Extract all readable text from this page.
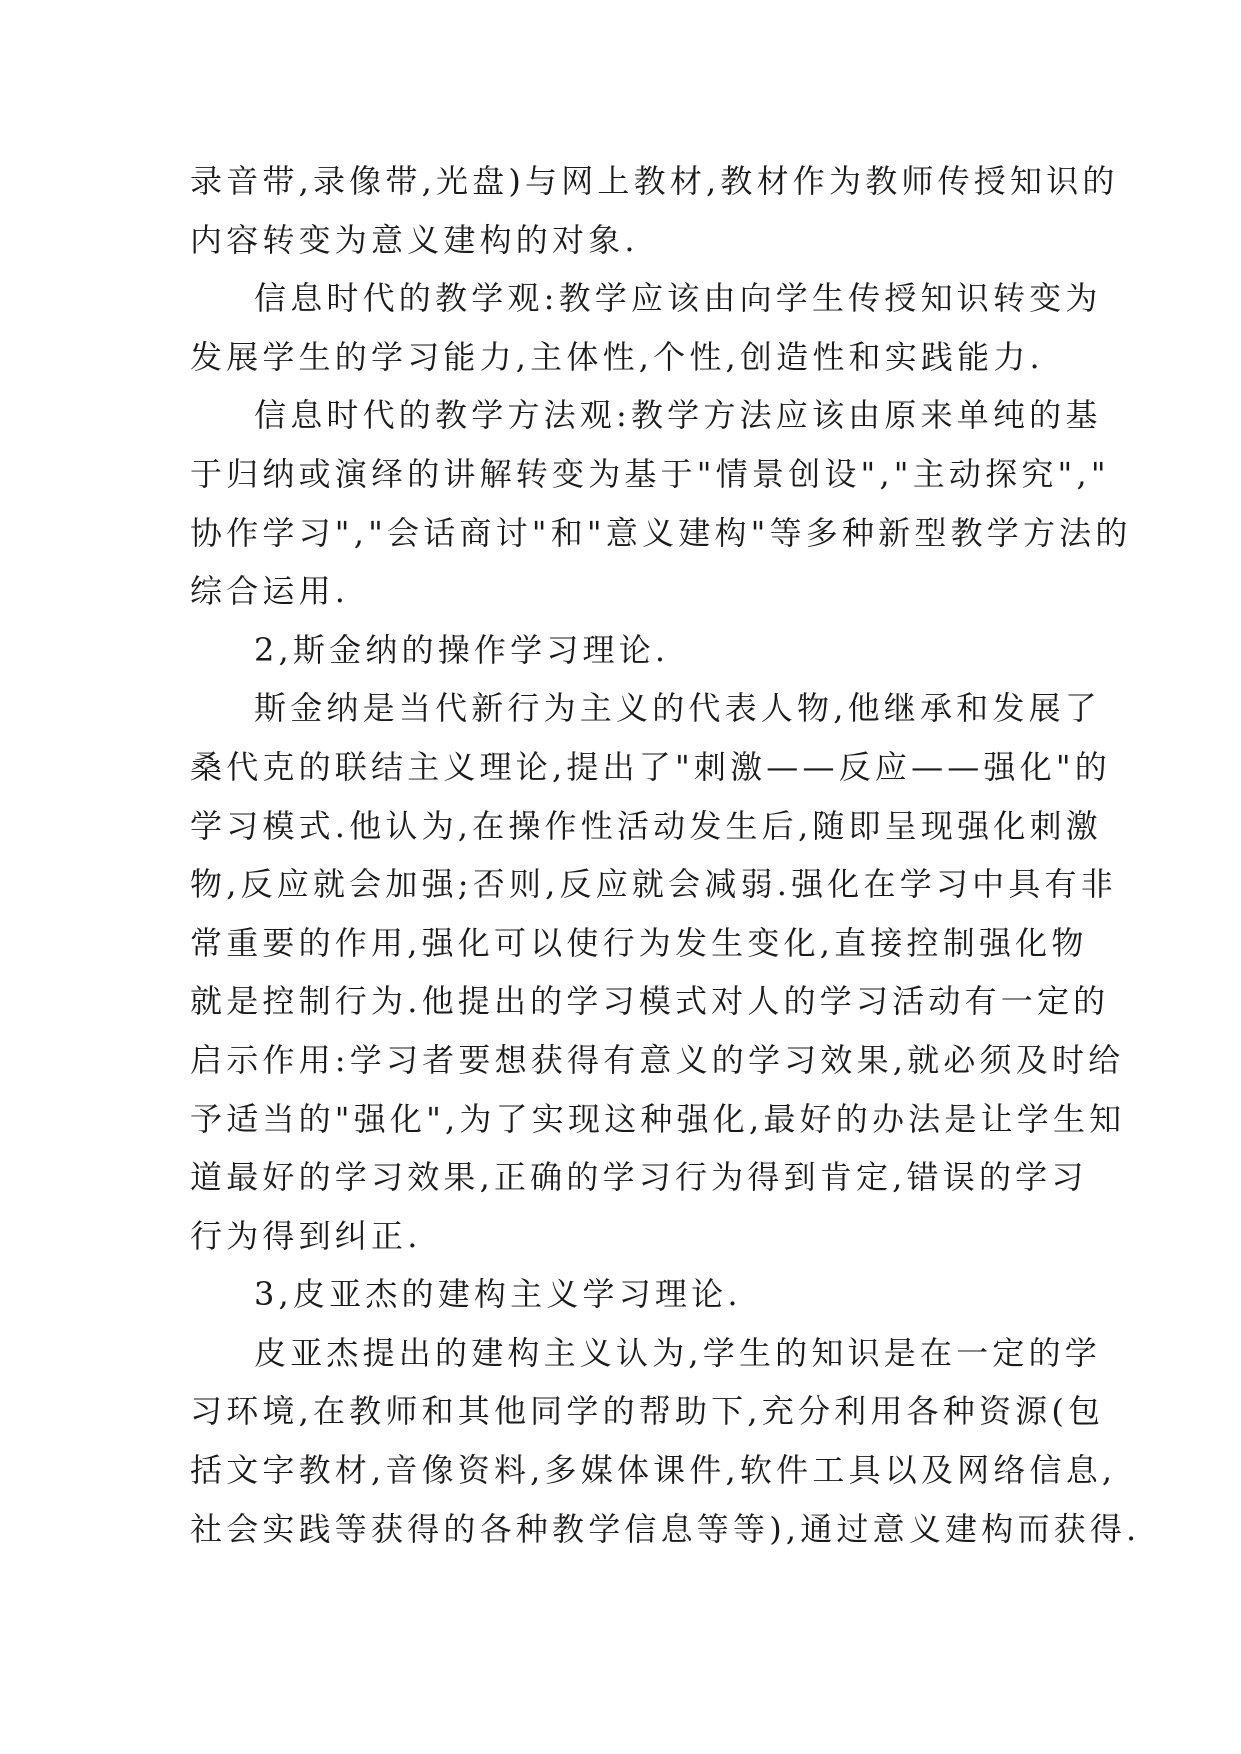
录音带,录像带,光盘)与网上教材,教材作为教师传授知识的
内容转变为意义建构的对象.
信息时代的教学观:教学应该由向学生传授知识转变为
发展学生的学习能力,主体性,个性,创造性和实践能力.
信息时代的教学方法观:教学方法应该由原来单纯的基
于归纳或演绎的讲解转变为基于"情景创设","主动探究","
协作学习","会话商讨"和"意义建构"等多种新型教学方法的
综合运用.
2,斯金纳的操作学习理论.
斯金纳是当代新行为主义的代表人物,他继承和发展了
桑代克的联结主义理论,提出了"刺激——反应——强化"的
学习模式.他认为,在操作性活动发生后,随即呈现强化刺激
物,反应就会加强;否则,反应就会减弱.强化在学习中具有非
常重要的作用,强化可以使行为发生变化,直接控制强化物
就是控制行为.他提出的学习模式对人的学习活动有一定的
启示作用:学习者要想获得有意义的学习效果,就必须及时给
予适当的"强化",为了实现这种强化,最好的办法是让学生知
道最好的学习效果,正确的学习行为得到肯定,错误的学习
行为得到纠正.
3,皮亚杰的建构主义学习理论.
皮亚杰提出的建构主义认为,学生的知识是在一定的学
习环境,在教师和其他同学的帮助下,充分利用各种资源(包
括文字教材,音像资料,多媒体课件,软件工具以及网络信息,
社会实践等获得的各种教学信息等等),通过意义建构而获得.
